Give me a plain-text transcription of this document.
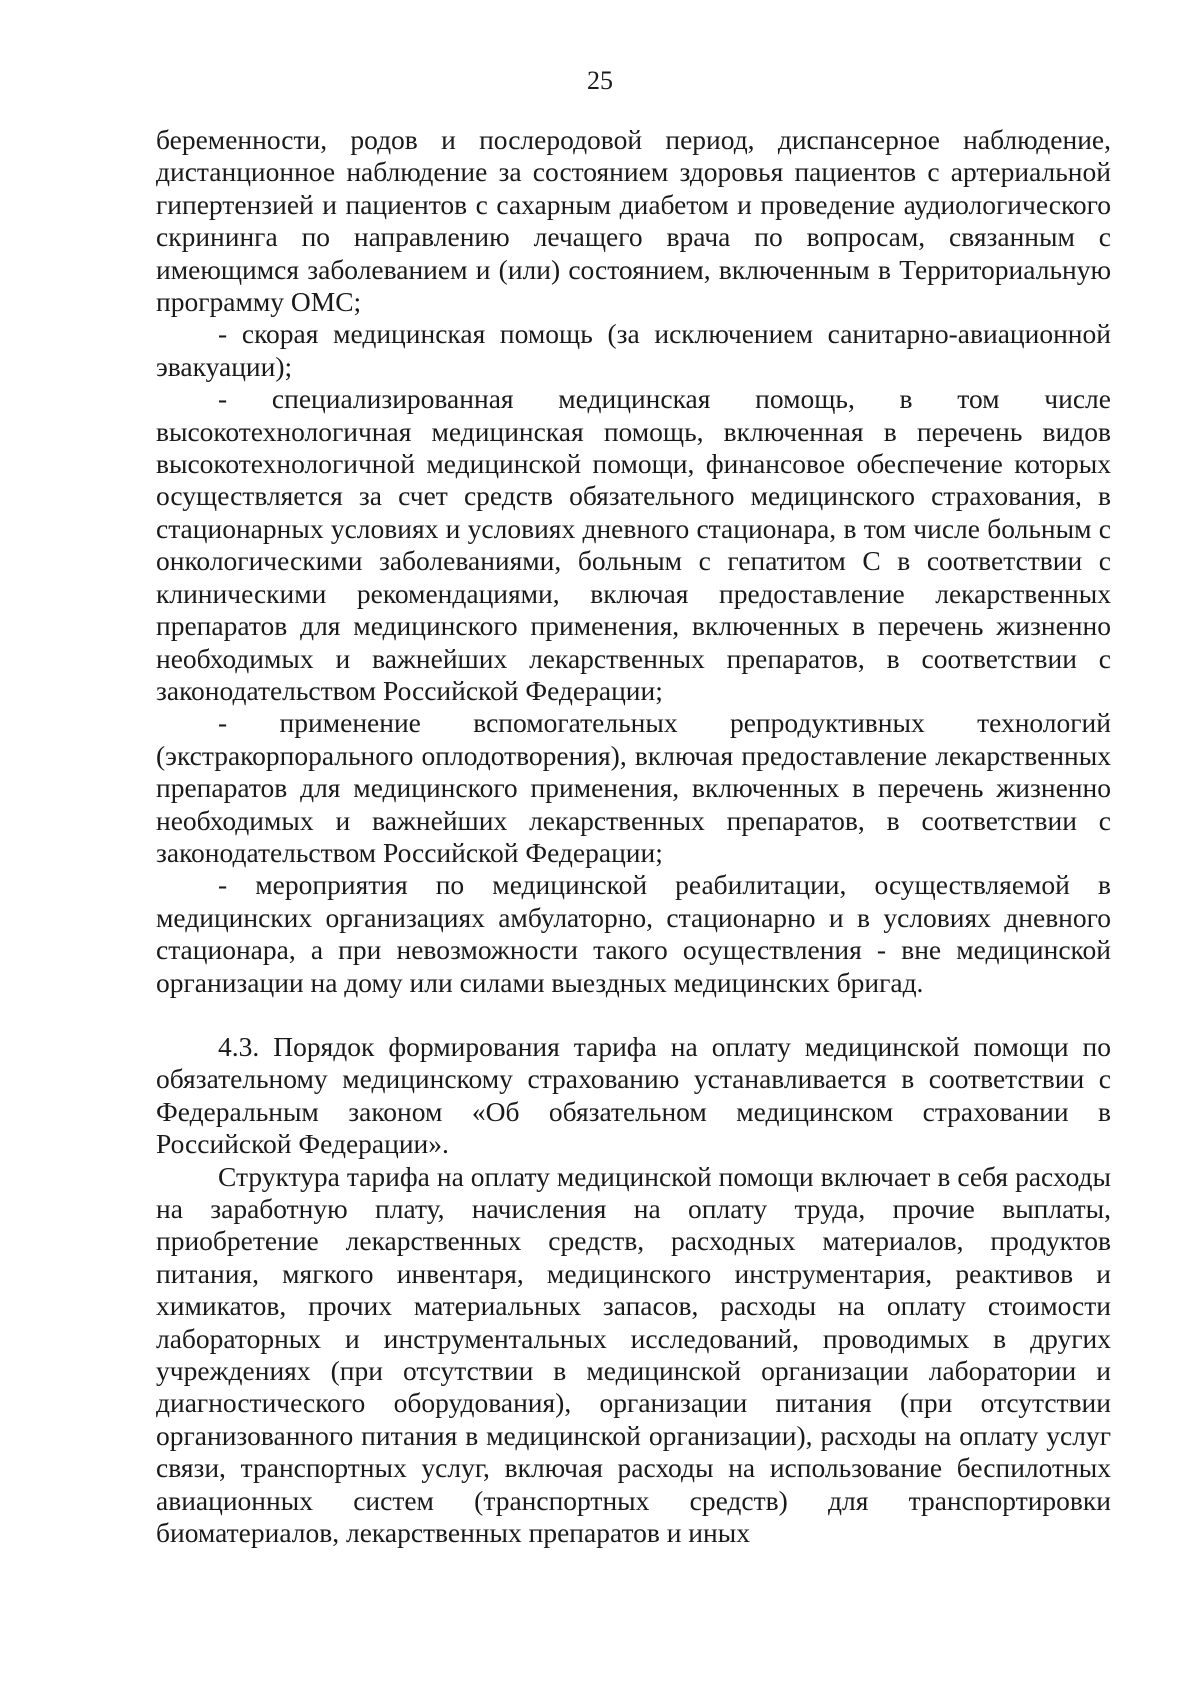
25

беременности, родов и послеродовой период, диспансерное наблюдение, дистанционное наблюдение за состоянием здоровья пациентов с артериальной гипертензией и пациентов с сахарным диабетом и проведение аудиологического скрининга по направлению лечащего врача по вопросам, связанным с имеющимся заболеванием и (или) состоянием, включенным в Территориальную программу ОМС;

- скорая медицинская помощь (за исключением санитарно-авиационной эвакуации);

- специализированная медицинская помощь, в том числе высокотехнологичная медицинская помощь, включенная в перечень видов высокотехнологичной медицинской помощи, финансовое обеспечение которых осуществляется за счет средств обязательного медицинского страхования, в стационарных условиях и условиях дневного стационара, в том числе больным с онкологическими заболеваниями, больным с гепатитом С в соответствии с клиническими рекомендациями, включая предоставление лекарственных препаратов для медицинского применения, включенных в перечень жизненно необходимых и важнейших лекарственных препаратов, в соответствии с законодательством Российской Федерации;

- применение вспомогательных репродуктивных технологий (экстракорпорального оплодотворения), включая предоставление лекарственных препаратов для медицинского применения, включенных в перечень жизненно необходимых и важнейших лекарственных препаратов, в соответствии с законодательством Российской Федерации;

- мероприятия по медицинской реабилитации, осуществляемой в медицинских организациях амбулаторно, стационарно и в условиях дневного стационара, а при невозможности такого осуществления - вне медицинской организации на дому или силами выездных медицинских бригад.

4.3. Порядок формирования тарифа на оплату медицинской помощи по обязательному медицинскому страхованию устанавливается в соответствии с Федеральным законом «Об обязательном медицинском страховании в Российской Федерации».

Структура тарифа на оплату медицинской помощи включает в себя расходы на заработную плату, начисления на оплату труда, прочие выплаты, приобретение лекарственных средств, расходных материалов, продуктов питания, мягкого инвентаря, медицинского инструментария, реактивов и химикатов, прочих материальных запасов, расходы на оплату стоимости лабораторных и инструментальных исследований, проводимых в других учреждениях (при отсутствии в медицинской организации лаборатории и диагностического оборудования), организации питания (при отсутствии организованного питания в медицинской организации), расходы на оплату услуг связи, транспортных услуг, включая расходы на использование беспилотных авиационных систем (транспортных средств) для транспортировки биоматериалов, лекарственных препаратов и иных
